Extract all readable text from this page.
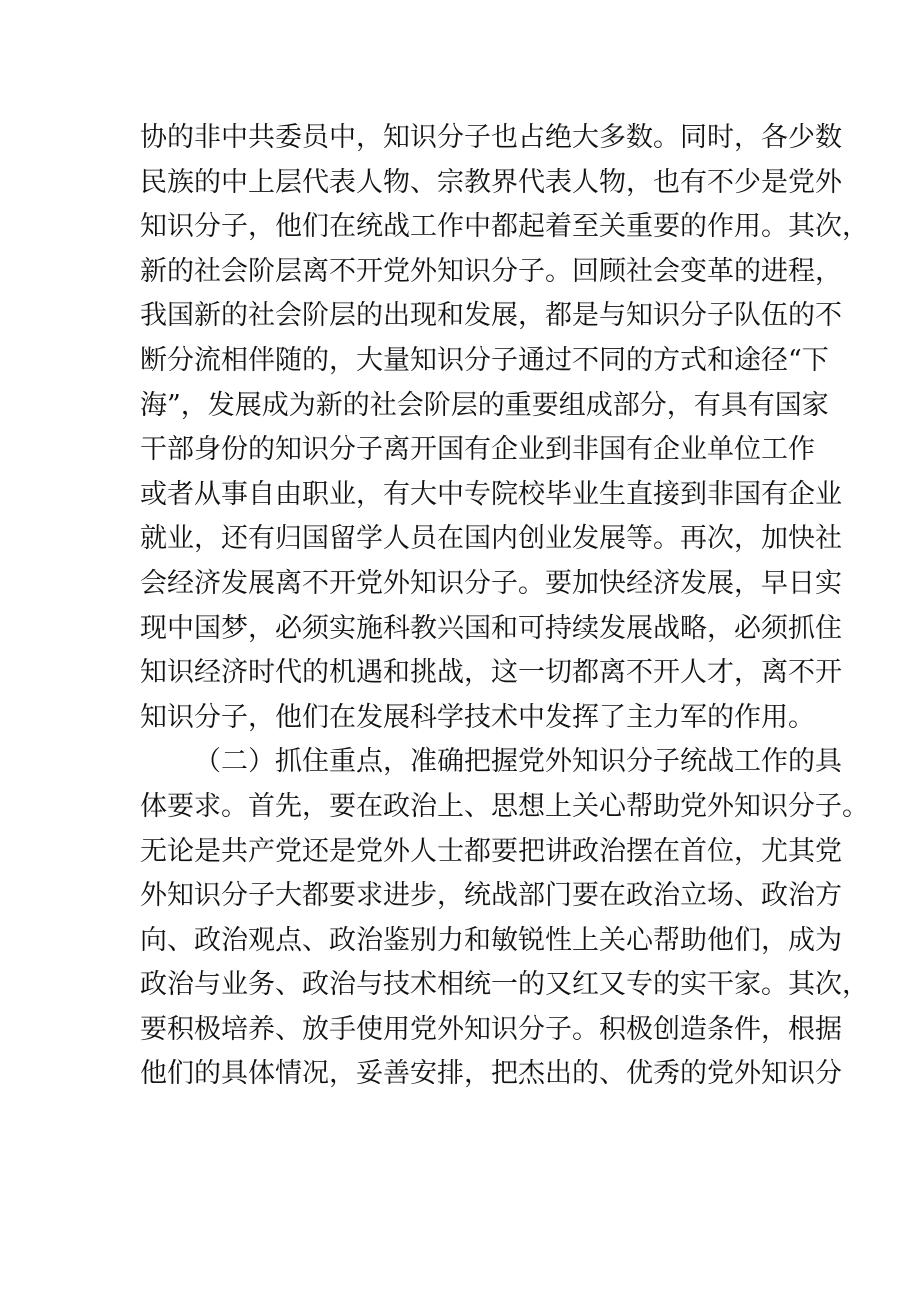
协的非中共委员中，知识分子也占绝大多数。同时，各少数
民族的中上层代表人物、宗教界代表人物，也有不少是党外
知识分子，他们在统战工作中都起着至关重要的作用。其次，
新的社会阶层离不开党外知识分子。回顾社会变革的进程，
我国新的社会阶层的出现和发展，都是与知识分子队伍的不
断分流相伴随的，大量知识分子通过不同的方式和途径“下
海”，发展成为新的社会阶层的重要组成部分，有具有国家
干部身份的知识分子离开国有企业到非国有企业单位工作
或者从事自由职业，有大中专院校毕业生直接到非国有企业
就业，还有归国留学人员在国内创业发展等。再次，加快社
会经济发展离不开党外知识分子。要加快经济发展，早日实
现中国梦，必须实施科教兴国和可持续发展战略，必须抓住
知识经济时代的机遇和挑战，这一切都离不开人才，离不开
知识分子，他们在发展科学技术中发挥了主力军的作用。
（二）抓住重点，准确把握党外知识分子统战工作的具
体要求。首先，要在政治上、思想上关心帮助党外知识分子。
无论是共产党还是党外人士都要把讲政治摆在首位，尤其党
外知识分子大都要求进步，统战部门要在政治立场、政治方
向、政治观点、政治鉴别力和敏锐性上关心帮助他们，成为
政治与业务、政治与技术相统一的又红又专的实干家。其次，
要积极培养、放手使用党外知识分子。积极创造条件，根据
他们的具体情况，妥善安排，把杰出的、优秀的党外知识分
